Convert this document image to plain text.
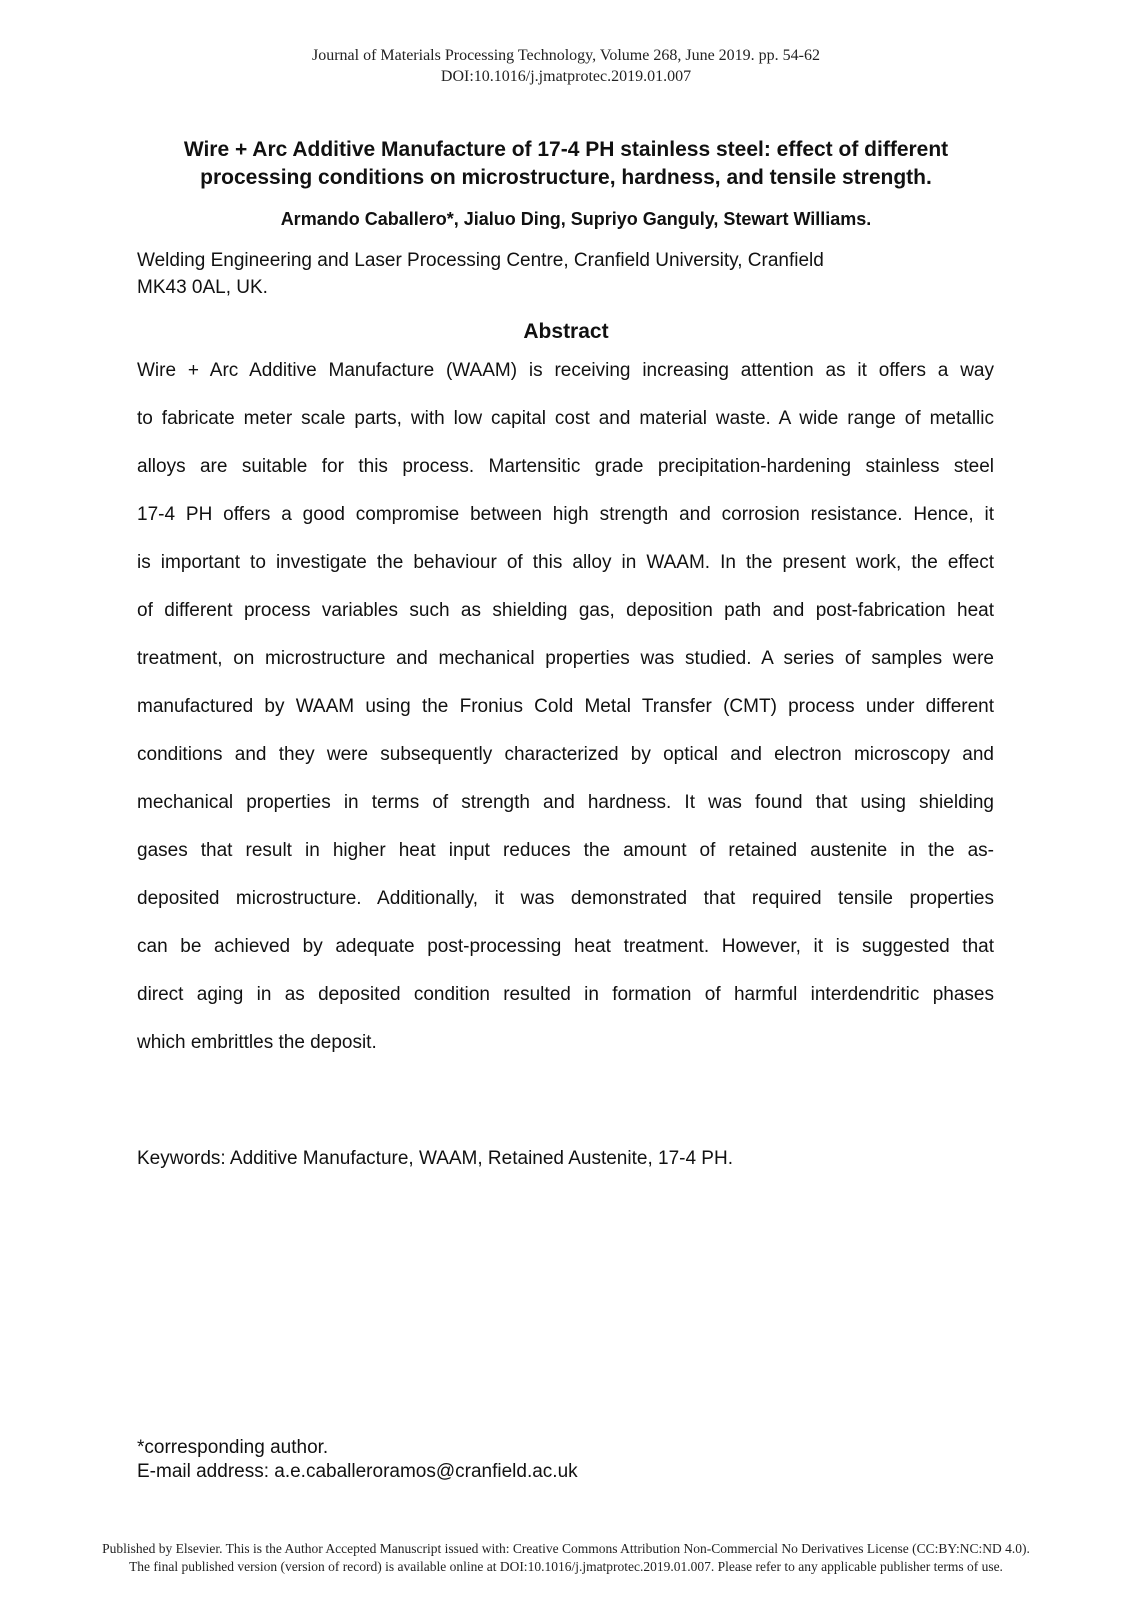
Journal of Materials Processing Technology, Volume 268, June 2019. pp. 54-62
DOI:10.1016/j.jmatprotec.2019.01.007
Wire + Arc Additive Manufacture of 17-4 PH stainless steel: effect of different
processing conditions on microstructure, hardness, and tensile strength.
Armando Caballero*, Jialuo Ding, Supriyo Ganguly, Stewart Williams.
Welding Engineering and Laser Processing Centre, Cranfield University, Cranfield
MK43 0AL, UK.
Abstract
Wire + Arc Additive Manufacture (WAAM) is receiving increasing attention as it offers a way
to fabricate meter scale parts, with low capital cost and material waste. A wide range of metallic
alloys are suitable for this process. Martensitic grade precipitation-hardening stainless steel
17-4 PH offers a good compromise between high strength and corrosion resistance. Hence, it
is important to investigate the behaviour of this alloy in WAAM. In the present work, the effect
of different process variables such as shielding gas, deposition path and post-fabrication heat
treatment, on microstructure and mechanical properties was studied. A series of samples were
manufactured by WAAM using the Fronius Cold Metal Transfer (CMT) process under different
conditions and they were subsequently characterized by optical and electron microscopy and
mechanical properties in terms of strength and hardness. It was found that using shielding
gases that result in higher heat input reduces the amount of retained austenite in the as-
deposited microstructure. Additionally, it was demonstrated that required tensile properties
can be achieved by adequate post-processing heat treatment. However, it is suggested that
direct aging in as deposited condition resulted in formation of harmful interdendritic phases
which embrittles the deposit.
Keywords: Additive Manufacture, WAAM, Retained Austenite, 17-4 PH.
*corresponding author.
E-mail address: a.e.caballeroramos@cranfield.ac.uk
Published by Elsevier. This is the Author Accepted Manuscript issued with: Creative Commons Attribution Non-Commercial No Derivatives License (CC:BY:NC:ND 4.0).
The final published version (version of record) is available online at DOI:10.1016/j.jmatprotec.2019.01.007. Please refer to any applicable publisher terms of use.
